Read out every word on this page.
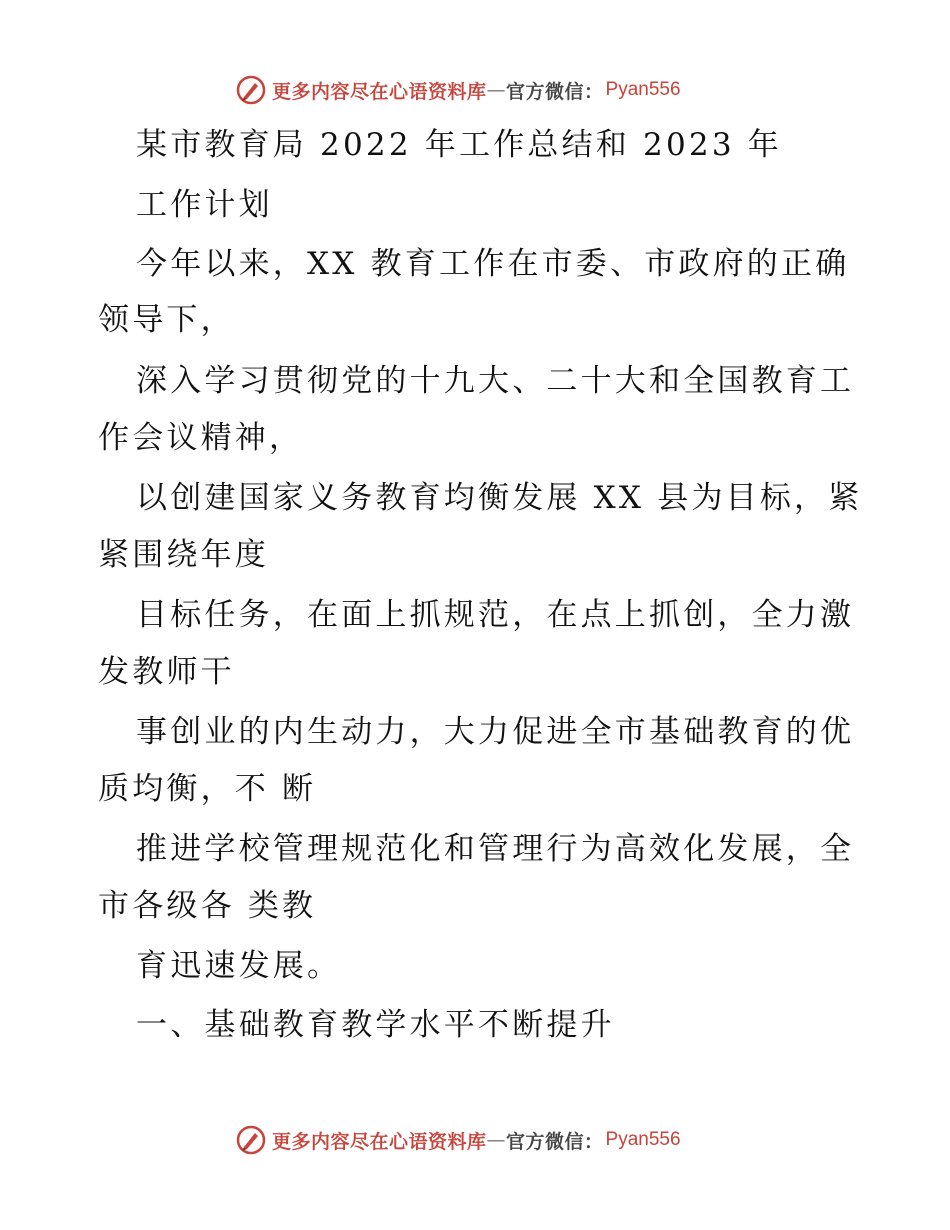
更多内容尽在心语资料库 — 官方微信： Pyan556
某市教育局 2022 年工作总结和 2023 年
工作计划
今年以来，XX 教育工作在市委、市政府的正确
领导下，
深入学习贯彻党的十九大、二十大和全国教育工
作会议精神，
以创建国家义务教育均衡发展 XX 县为目标，紧
紧围绕年度
目标任务，在面上抓规范，在点上抓创，全力激
发教师干
事创业的内生动力，大力促进全市基础教育的优
质均衡，不 断
推进学校管理规范化和管理行为高效化发展，全
市各级各 类教
育迅速发展。
一、基础教育教学水平不断提升
更多内容尽在心语资料库 — 官方微信： Pyan556
